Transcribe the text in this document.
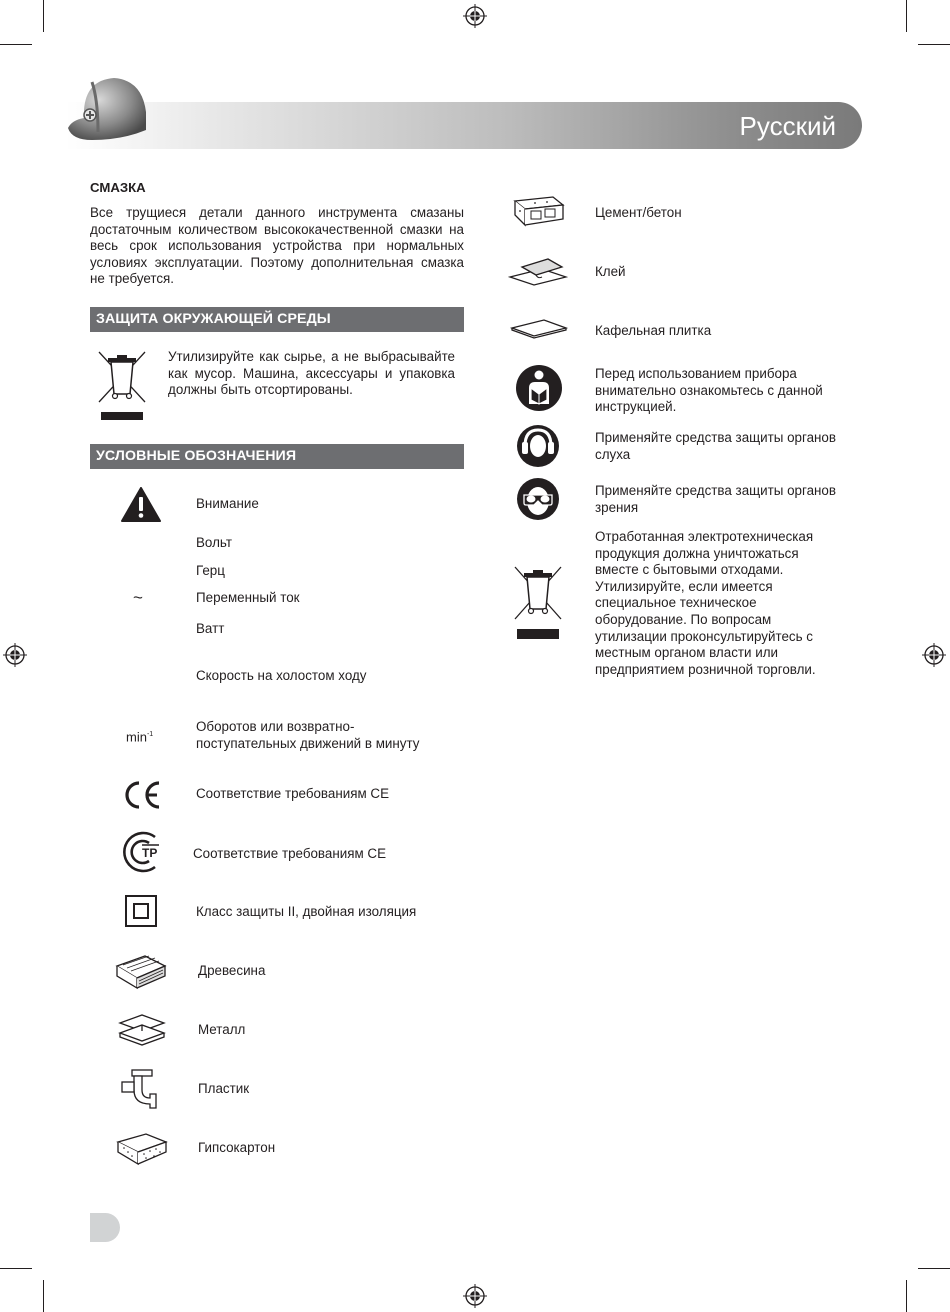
Русский
СМАЗКА
Все трущиеся детали данного инструмента смазаны достаточным количеством высококачественной смазки на весь срок использования устройства при нормальных условиях эксплуатации. Поэтому дополнительная смазка не требуется.
ЗАЩИТА ОКРУЖАЮЩЕЙ СРЕДЫ
Утилизируйте как сырье, а не выбрасывайте как мусор. Машина, аксессуары и упаковка должны быть отсортированы.
УСЛОВНЫЕ ОБОЗНАЧЕНИЯ
Внимание
Вольт
Герц
~	Переменный ток
Ватт
Скорость на холостом ходу
$\min^{-1}$
Оборотов или возвратно-поступательных движений в минуту
Соответствие требованиям CE
ТР	Соответствие требованиям CE
Класс защиты II, двойная изоляция
Древесина
Металл
Пластик
Гипсокартон
Цемент/бетон
Клей
Кафельная плитка
Перед использованием прибора внимательно ознакомьтесь с данной инструкцией.
Применяйте средства защиты органов слуха
Применяйте средства защиты органов зрения
Отработанная электротехническая продукция должна уничтожаться вместе с бытовыми отходами. Утилизируйте, если имеется специальное техническое оборудование. По вопросам утилизации проконсультируйтесь с местным органом власти или предприятием розничной торговли.
